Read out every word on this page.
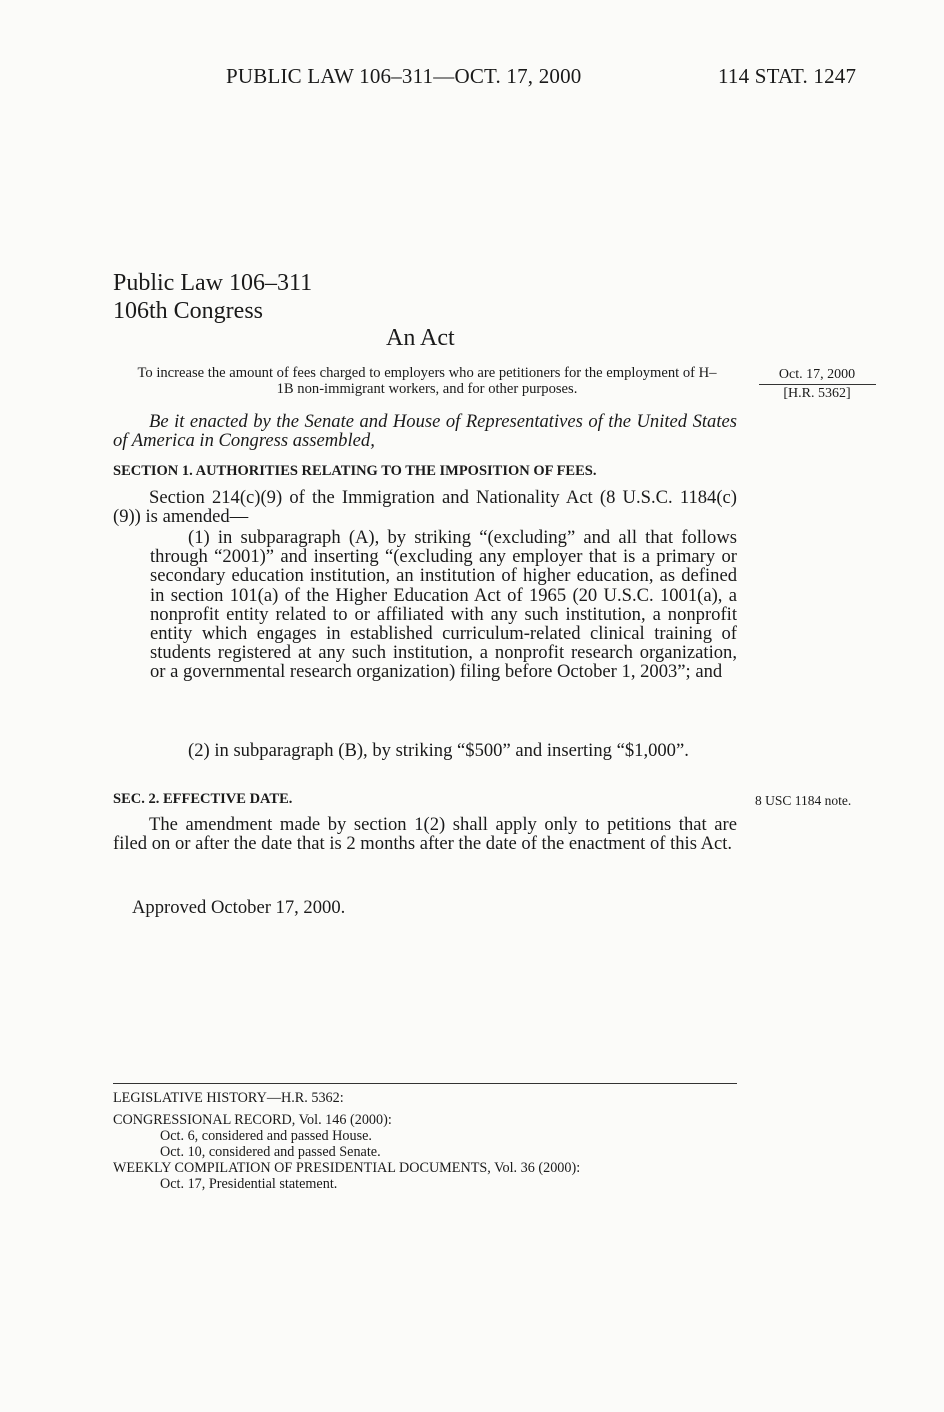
PUBLIC LAW 106–311—OCT. 17, 2000	114 STAT. 1247
Public Law 106–311
106th Congress
An Act

To increase the amount of fees charged to employers who are petitioners for the employment of H–1B non-immigrant workers, and for other purposes.

Oct. 17, 2000
[H.R. 5362]

Be it enacted by the Senate and House of Representatives of the United States of America in Congress assembled,

SECTION 1. AUTHORITIES RELATING TO THE IMPOSITION OF FEES.

Section 214(c)(9) of the Immigration and Nationality Act (8 U.S.C. 1184(c)(9)) is amended—

(1) in subparagraph (A), by striking “(excluding” and all that follows through “2001)” and inserting “(excluding any employer that is a primary or secondary education institution, an institution of higher education, as defined in section 101(a) of the Higher Education Act of 1965 (20 U.S.C. 1001(a), a nonprofit entity related to or affiliated with any such institution, a nonprofit entity which engages in established curriculum-related clinical training of students registered at any such institution, a nonprofit research organization, or a governmental research organization) filing before October 1, 2003”; and

(2) in subparagraph (B), by striking “$500” and inserting “$1,000”.

SEC. 2. EFFECTIVE DATE.	8 USC 1184 note.

The amendment made by section 1(2) shall apply only to petitions that are filed on or after the date that is 2 months after the date of the enactment of this Act.

Approved October 17, 2000.
LEGISLATIVE HISTORY—H.R. 5362:
CONGRESSIONAL RECORD, Vol. 146 (2000):
Oct. 6, considered and passed House.
Oct. 10, considered and passed Senate.
WEEKLY COMPILATION OF PRESIDENTIAL DOCUMENTS, Vol. 36 (2000):
Oct. 17, Presidential statement.
